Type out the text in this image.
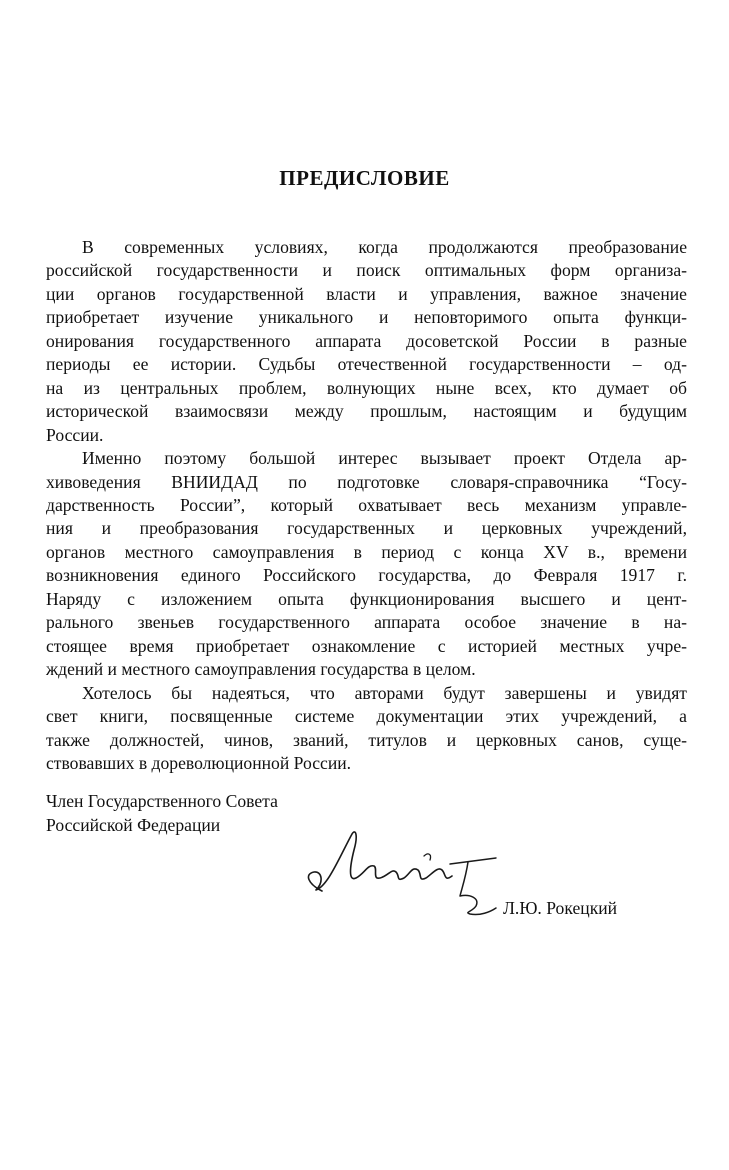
ПРЕДИСЛОВИЕ
В современных условиях, когда продолжаются преобразование
российской государственности и поиск оптимальных форм организа-
ции органов государственной власти и управления, важное значение
приобретает изучение уникального и неповторимого опыта функци-
онирования государственного аппарата досоветской России в разные
периоды ее истории. Судьбы отечественной государственности – од-
на из центральных проблем, волнующих ныне всех, кто думает об
исторической взаимосвязи между прошлым, настоящим и будущим
России.
Именно поэтому большой интерес вызывает проект Отдела ар-
хивоведения ВНИИДАД по подготовке словаря-справочника “Госу-
дарственность России”, который охватывает весь механизм управле-
ния и преобразования государственных и церковных учреждений,
органов местного самоуправления в период с конца XV в., времени
возникновения единого Российского государства, до Февраля 1917 г.
Наряду с изложением опыта функционирования высшего и цент-
рального звеньев государственного аппарата особое значение в на-
стоящее время приобретает ознакомление с историей местных учре-
ждений и местного самоуправления государства в целом.
Хотелось бы надеяться, что авторами будут завершены и увидят
свет книги, посвященные системе документации этих учреждений, а
также должностей, чинов, званий, титулов и церковных санов, суще-
ствовавших в дореволюционной России.
Член Государственного Совета
Российской Федерации
Л.Ю. Рокецкий
